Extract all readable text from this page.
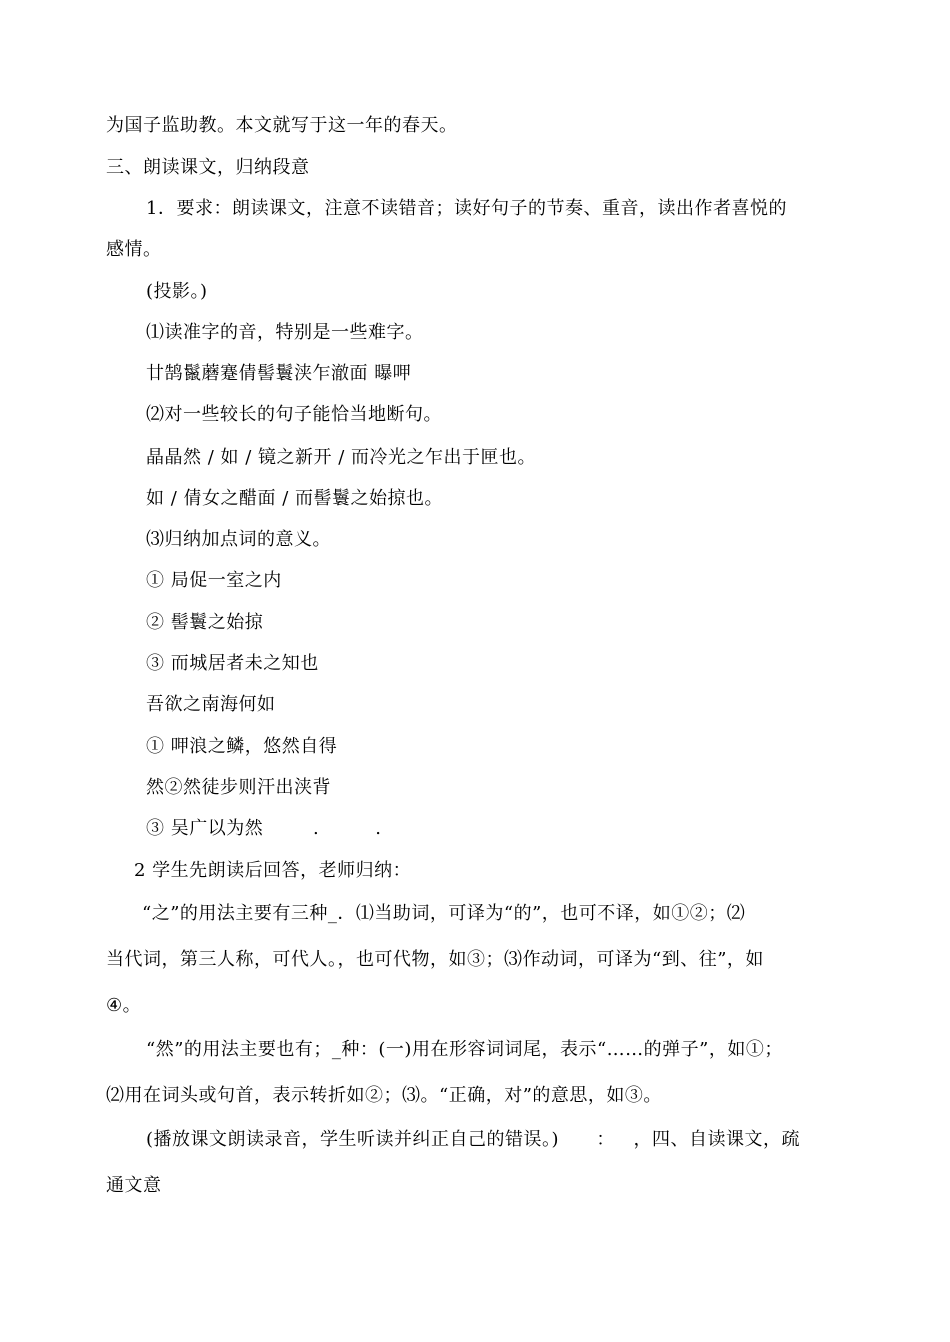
为国子监助教。本文就写于这一年的春天。
三、朗读课文，归纳段意
1．要求：朗读课文，注意不读错音；读好句子的节奏、重音，读出作者喜悦的
感情。
(投影。)
⑴读准字的音，特别是一些难字。
廿鹄鬣蘑蹇倩髻鬟浃乍澈面 曝呷
⑵对一些较长的句子能恰当地断句。
晶晶然 / 如 / 镜之新开 / 而冷光之乍出于匣也。
如 / 倩女之醋面 / 而髻鬟之始掠也。
⑶归纳加点词的意义。
① 局促一室之内
② 髻鬟之始掠
③ 而城居者未之知也
吾欲之南海何如
① 呷浪之鳞，悠然自得
然②然徒步则汗出浃背
③ 吴广以为然        .         .
2 学生先朗读后回答，老师归纳：
“之”的用法主要有三种_．⑴当助词，可译为“的”，也可不译，如①②；⑵
当代词，第三人称，可代人。，也可代物，如③；⑶作动词，可译为“到、往”，如
④。
“然”的用法主要也有；_种：(一)用在形容词词尾，表示“……的弹子”，如①；
⑵用在词头或句首，表示转折如②；⑶。“正确，对”的意思，如③。
(播放课文朗读录音，学生听读并纠正自己的错误。)      ：   ，四、自读课文，疏
通文意
